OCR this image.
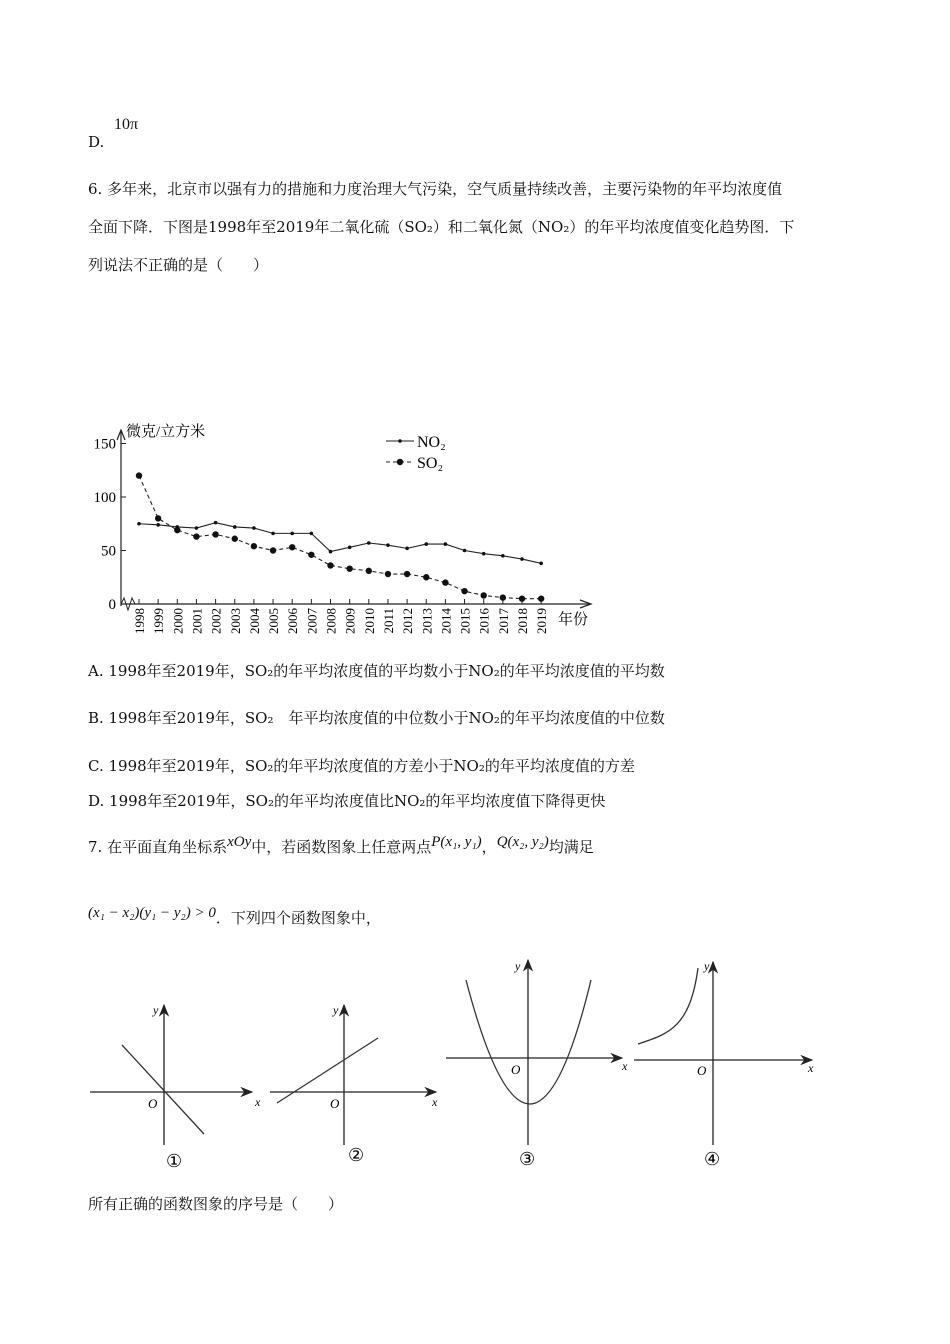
10π
D.
6. 多年来，北京市以强有力的措施和力度治理大气污染，空气质量持续改善，主要污染物的年平均浓度值
全面下降．下图是1998年至2019年二氧化硫（SO₂）和二氧化氮（NO₂）的年平均浓度值变化趋势图．下
列说法不正确的是（　　）
150
100
50
0
微克/立方米
1998 1999 2000 2001 2002 2003 2004 2005 2006 2007 2008 2009 2010 2011 2012 2013 2014 2015 2016 2017 2018 2019 年份
NO₂
SO₂
A. 1998年至2019年，SO₂的年平均浓度值的平均数小于NO₂的年平均浓度值的平均数
B. 1998年至2019年，SO₂　年平均浓度值的中位数小于NO₂的年平均浓度值的中位数
C. 1998年至2019年，SO₂的年平均浓度值的方差小于NO₂的年平均浓度值的方差
D. 1998年至2019年，SO₂的年平均浓度值比NO₂的年平均浓度值下降得更快
7. 在平面直角坐标系xOy中，若函数图象上任意两点P(x₁, y₁)，Q(x₂, y₂)均满足
(x₁ − x₂)(y₁ − y₂) > 0．下列四个函数图象中，
x
y
O
①
x
y
O
②
x
y
O
③
x
y
O
④
所有正确的函数图象的序号是（　　）
